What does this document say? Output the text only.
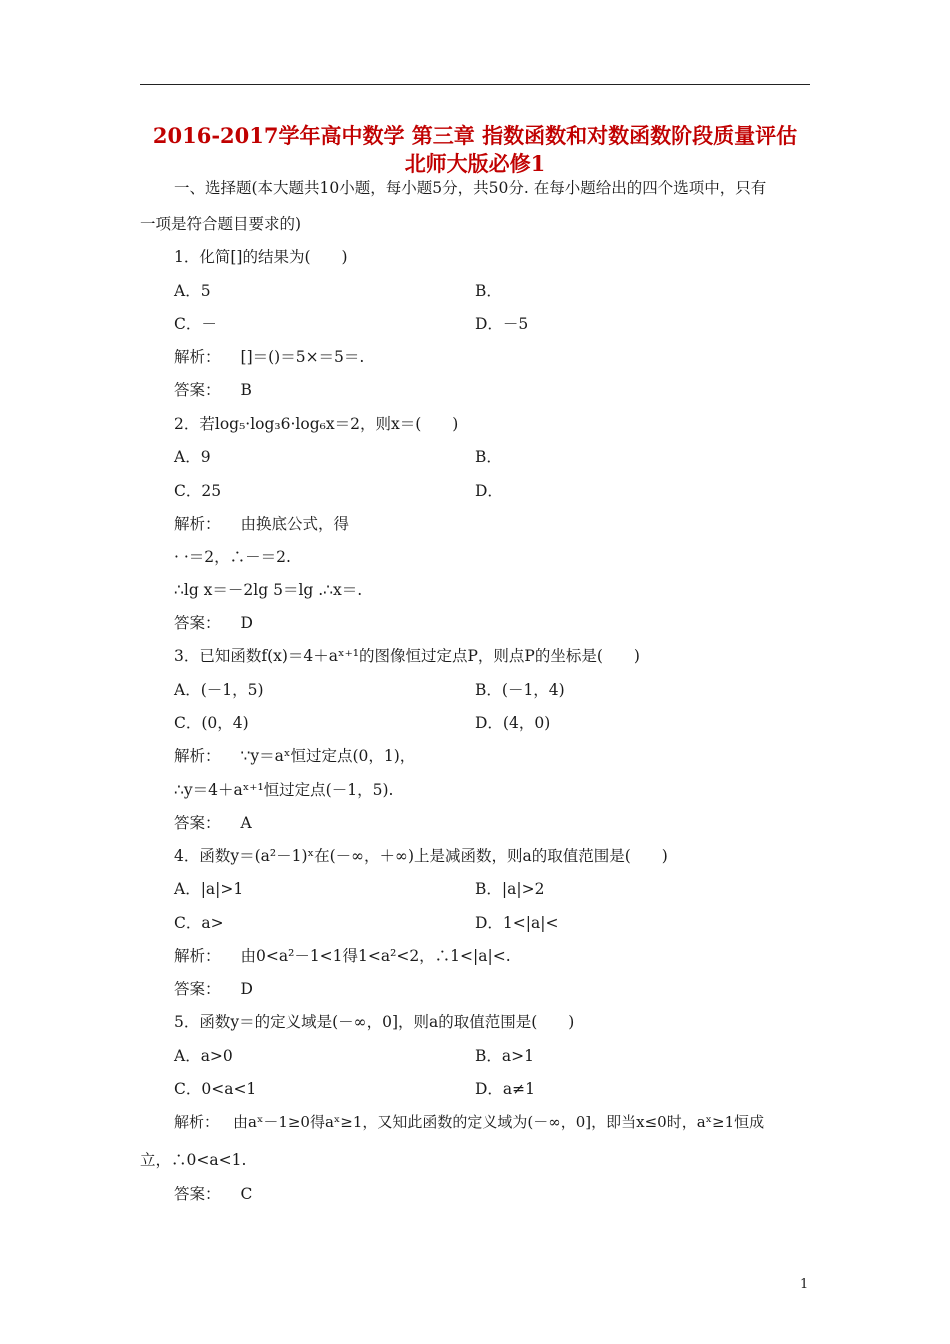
2016-2017学年高中数学 第三章 指数函数和对数函数阶段质量评估
北师大版必修1
一、选择题(本大题共10小题，每小题5分，共50分. 在每小题给出的四个选项中，只有
一项是符合题目要求的)
1．化简[]的结果为(　　)
A．5	B．
C．－	D．－5
解析： []＝()＝5×＝5＝.
答案： B
2．若log₅·log₃6·log₆x＝2，则x＝(　　)
A．9	B．
C．25	D．
解析： 由换底公式，得
· ·＝2，∴－＝2.
∴lg x＝－2lg 5＝lg .∴x＝.
答案： D
3．已知函数f(x)＝4＋aˣ⁺¹的图像恒过定点P，则点P的坐标是(　　)
A．(－1，5)	B．(－1，4)
C．(0，4)	D．(4，0)
解析： ∵y＝aˣ恒过定点(0，1)，
∴y＝4＋aˣ⁺¹恒过定点(－1，5).
答案： A
4．函数y＝(a²－1)ˣ在(－∞，＋∞)上是减函数，则a的取值范围是(　　)
A．|a|>1	B．|a|>2
C．a>	D．1<|a|<
解析： 由0<a²－1<1得1<a²<2，∴1<|a|<.
答案： D
5．函数y＝的定义域是(－∞，0]，则a的取值范围是(　　)
A．a>0	B．a>1
C．0<a<1	D．a≠1
解析： 由aˣ－1≥0得aˣ≥1，又知此函数的定义域为(－∞，0]，即当x≤0时，aˣ≥1恒成
立，∴0<a<1.
答案： C
1
